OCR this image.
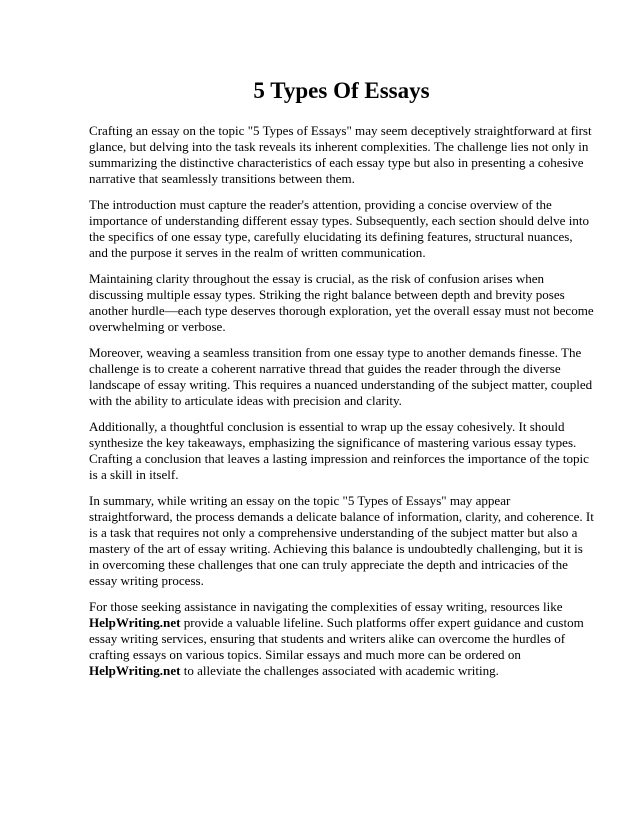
5 Types Of Essays

Crafting an essay on the topic "5 Types of Essays" may seem deceptively straightforward at first glance, but delving into the task reveals its inherent complexities. The challenge lies not only in summarizing the distinctive characteristics of each essay type but also in presenting a cohesive narrative that seamlessly transitions between them.

The introduction must capture the reader's attention, providing a concise overview of the importance of understanding different essay types. Subsequently, each section should delve into the specifics of one essay type, carefully elucidating its defining features, structural nuances, and the purpose it serves in the realm of written communication.

Maintaining clarity throughout the essay is crucial, as the risk of confusion arises when discussing multiple essay types. Striking the right balance between depth and brevity poses another hurdle—each type deserves thorough exploration, yet the overall essay must not become overwhelming or verbose.

Moreover, weaving a seamless transition from one essay type to another demands finesse. The challenge is to create a coherent narrative thread that guides the reader through the diverse landscape of essay writing. This requires a nuanced understanding of the subject matter, coupled with the ability to articulate ideas with precision and clarity.

Additionally, a thoughtful conclusion is essential to wrap up the essay cohesively. It should synthesize the key takeaways, emphasizing the significance of mastering various essay types. Crafting a conclusion that leaves a lasting impression and reinforces the importance of the topic is a skill in itself.

In summary, while writing an essay on the topic "5 Types of Essays" may appear straightforward, the process demands a delicate balance of information, clarity, and coherence. It is a task that requires not only a comprehensive understanding of the subject matter but also a mastery of the art of essay writing. Achieving this balance is undoubtedly challenging, but it is in overcoming these challenges that one can truly appreciate the depth and intricacies of the essay writing process.

For those seeking assistance in navigating the complexities of essay writing, resources like HelpWriting.net provide a valuable lifeline. Such platforms offer expert guidance and custom essay writing services, ensuring that students and writers alike can overcome the hurdles of crafting essays on various topics. Similar essays and much more can be ordered on HelpWriting.net to alleviate the challenges associated with academic writing.
